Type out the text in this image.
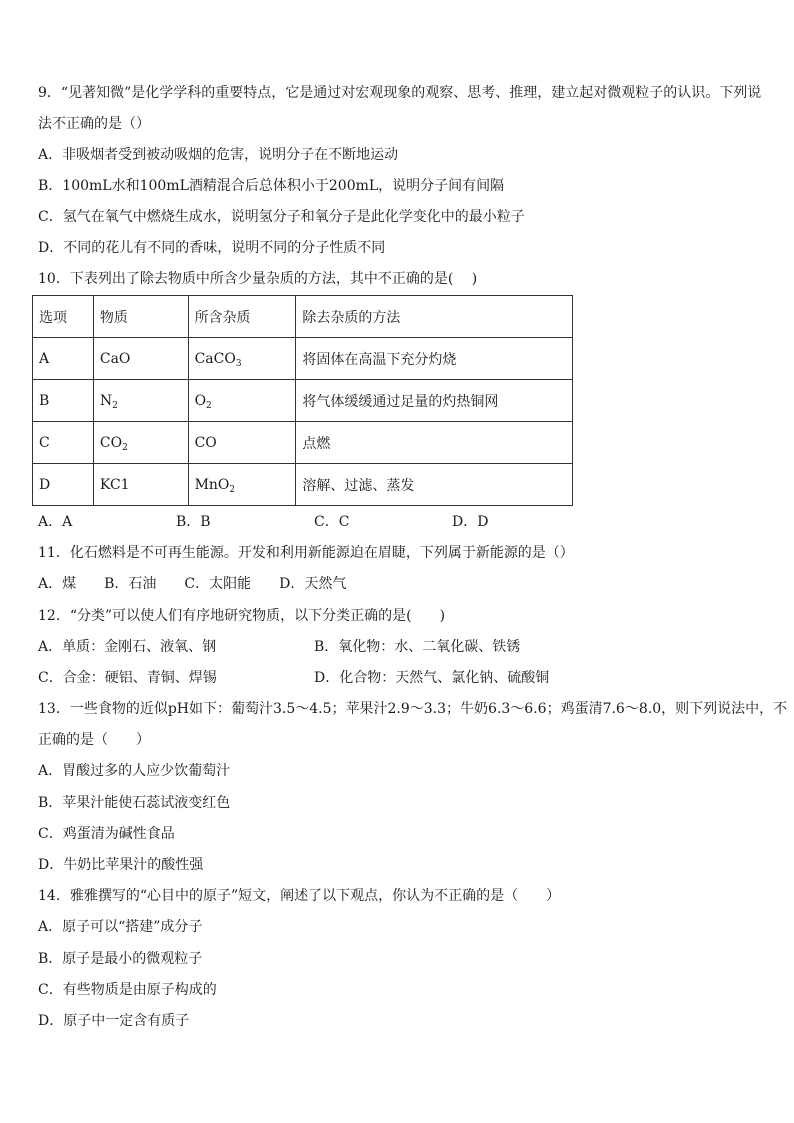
9．“见著知微”是化学学科的重要特点，它是通过对宏观现象的观察、思考、推理，建立起对微观粒子的认识。下列说
法不正确的是（）
A．非吸烟者受到被动吸烟的危害，说明分子在不断地运动
B．100mL水和100mL酒精混合后总体积小于200mL，说明分子间有间隔
C．氢气在氧气中燃烧生成水，说明氢分子和氧分子是此化学变化中的最小粒子
D．不同的花儿有不同的香味，说明不同的分子性质不同
10．下表列出了除去物质中所含少量杂质的方法，其中不正确的是(　 )
选项	物质	所含杂质	除去杂质的方法
A	CaO	CaCO$_3$	将固体在高温下充分灼烧
B	$N_2$	$O_2$	将气体缓缓通过足量的灼热铜网
C	$CO_2$	CO	点燃
D	KC1	MnO$_2$	溶解、过滤、蒸发
A．A	B．B	C．C	D．D
11．化石燃料是不可再生能源。开发和利用新能源迫在眉睫，下列属于新能源的是（）
A．煤　　B．石油　　C．太阳能　　D．天然气
12．“分类”可以使人们有序地研究物质，以下分类正确的是(　　)
A．单质：金刚石、液氧、钢	B．氧化物：水、二氧化碳、铁锈
C．合金：硬铝、青铜、焊锡	D．化合物：天然气、氯化钠、硫酸铜
13．一些食物的近似pH如下：葡萄汁3.5～4.5；苹果汁2.9～3.3；牛奶6.3～6.6；鸡蛋清7.6～8.0，则下列说法中，不
正确的是（　　）
A．胃酸过多的人应少饮葡萄汁
B．苹果汁能使石蕊试液变红色
C．鸡蛋清为碱性食品
D．牛奶比苹果汁的酸性强
14．雅雅撰写的“心目中的原子”短文，阐述了以下观点，你认为不正确的是（　　）
A．原子可以“搭建”成分子
B．原子是最小的微观粒子
C．有些物质是由原子构成的
D．原子中一定含有质子
